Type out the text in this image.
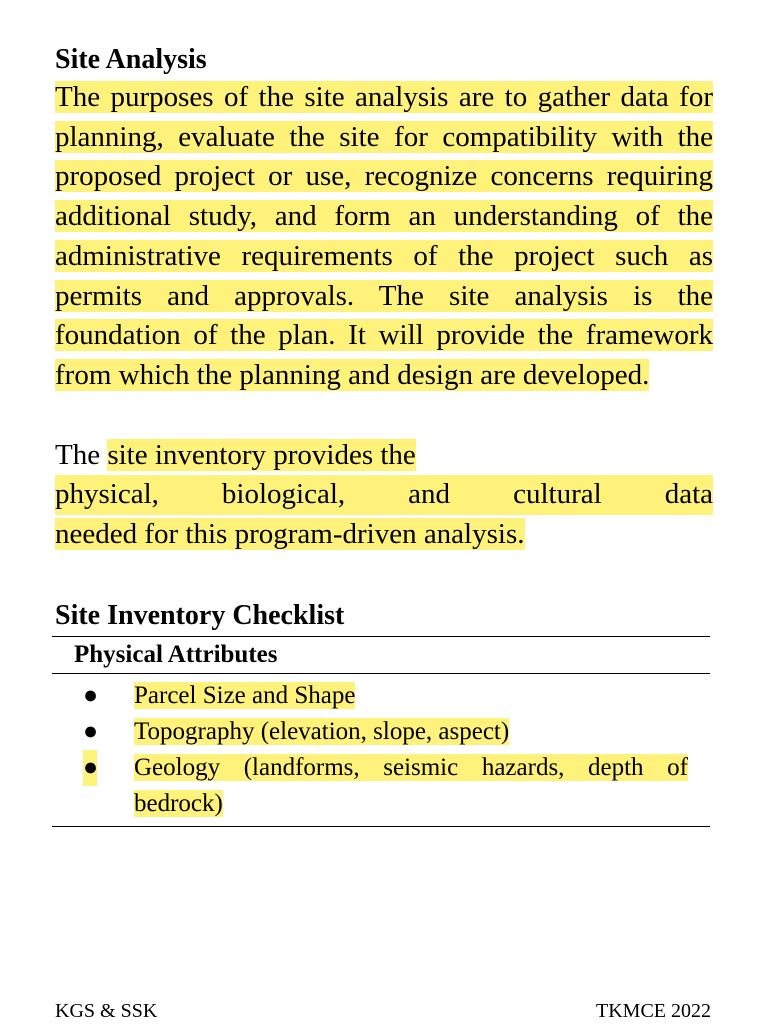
Site Analysis

The purposes of the site analysis are to gather data for planning, evaluate the site for compatibility with the proposed project or use, recognize concerns requiring additional study, and form an understanding of the administrative requirements of the project such as permits and approvals. The site analysis is the foundation of the plan. It will provide the framework from which the planning and design are developed.

The site inventory provides the
physical, biological, and cultural data
needed for this program-driven analysis.

Site Inventory Checklist
Physical Attributes
● Parcel Size and Shape
● Topography (elevation, slope, aspect)
● Geology (landforms, seismic hazards, depth of bedrock)
KGS & SSK	TKMCE 2022
